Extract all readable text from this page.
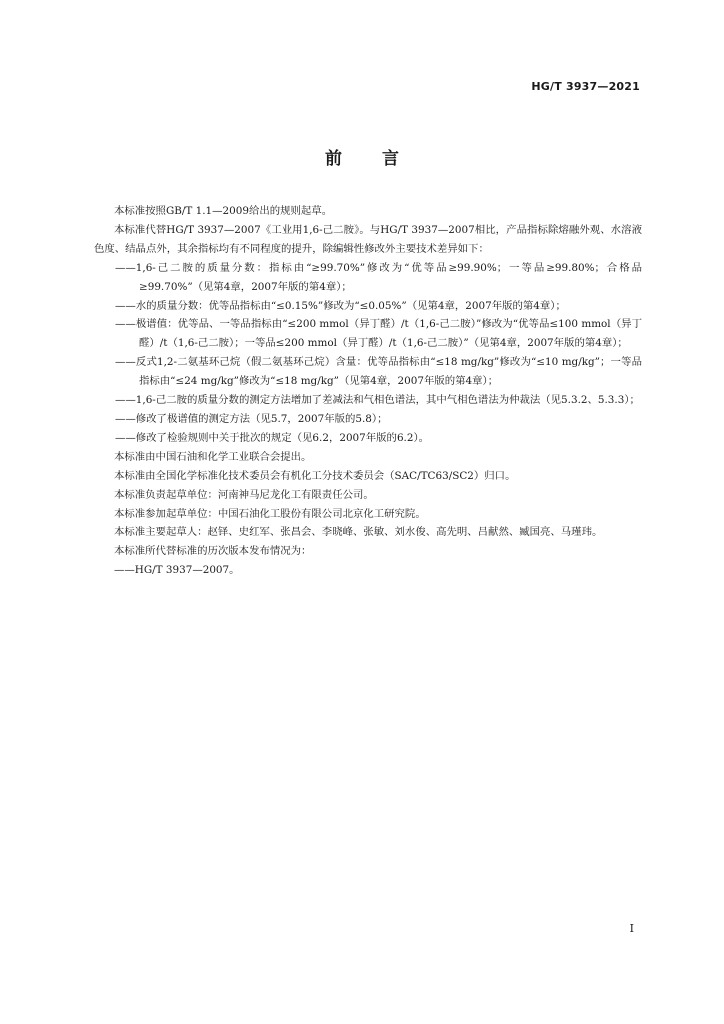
HG/T 3937—2021
前 言

本标准按照GB/T 1.1—2009给出的规则起草。

本标准代替HG/T 3937—2007《工业用1,6-己二胺》。与HG/T 3937—2007相比，产品指标除熔融外观、水溶液色度、结晶点外，其余指标均有不同程度的提升，除编辑性修改外主要技术差异如下：

——1,6-己二胺的质量分数：指标由“≥99.70%”修改为“优等品≥99.90%；一等品≥99.80%；合格品≥99.70%”（见第4章，2007年版的第4章）；

——水的质量分数：优等品指标由“≤0.15%”修改为“≤0.05%”（见第4章，2007年版的第4章）；

——极谱值：优等品、一等品指标由“≤200 mmol（异丁醛）/t（1,6-己二胺）”修改为“优等品≤100 mmol（异丁醛）/t（1,6-己二胺）；一等品≤200 mmol（异丁醛）/t（1,6-己二胺）”（见第4章，2007年版的第4章）；

——反式1,2-二氨基环己烷（假二氨基环己烷）含量：优等品指标由“≤18 mg/kg”修改为“≤10 mg/kg”；一等品指标由“≤24 mg/kg”修改为“≤18 mg/kg”（见第4章，2007年版的第4章）；

——1,6-己二胺的质量分数的测定方法增加了差减法和气相色谱法，其中气相色谱法为仲裁法（见5.3.2、5.3.3）；

——修改了极谱值的测定方法（见5.7，2007年版的5.8）；

——修改了检验规则中关于批次的规定（见6.2，2007年版的6.2）。

本标准由中国石油和化学工业联合会提出。

本标准由全国化学标准化技术委员会有机化工分技术委员会（SAC/TC63/SC2）归口。

本标准负责起草单位：河南神马尼龙化工有限责任公司。

本标准参加起草单位：中国石油化工股份有限公司北京化工研究院。

本标准主要起草人：赵铎、史红军、张昌会、李晓峰、张敏、刘水俊、高先明、吕献然、臧国亮、马瑾玮。

本标准所代替标准的历次版本发布情况为：

——HG/T 3937—2007。

I
